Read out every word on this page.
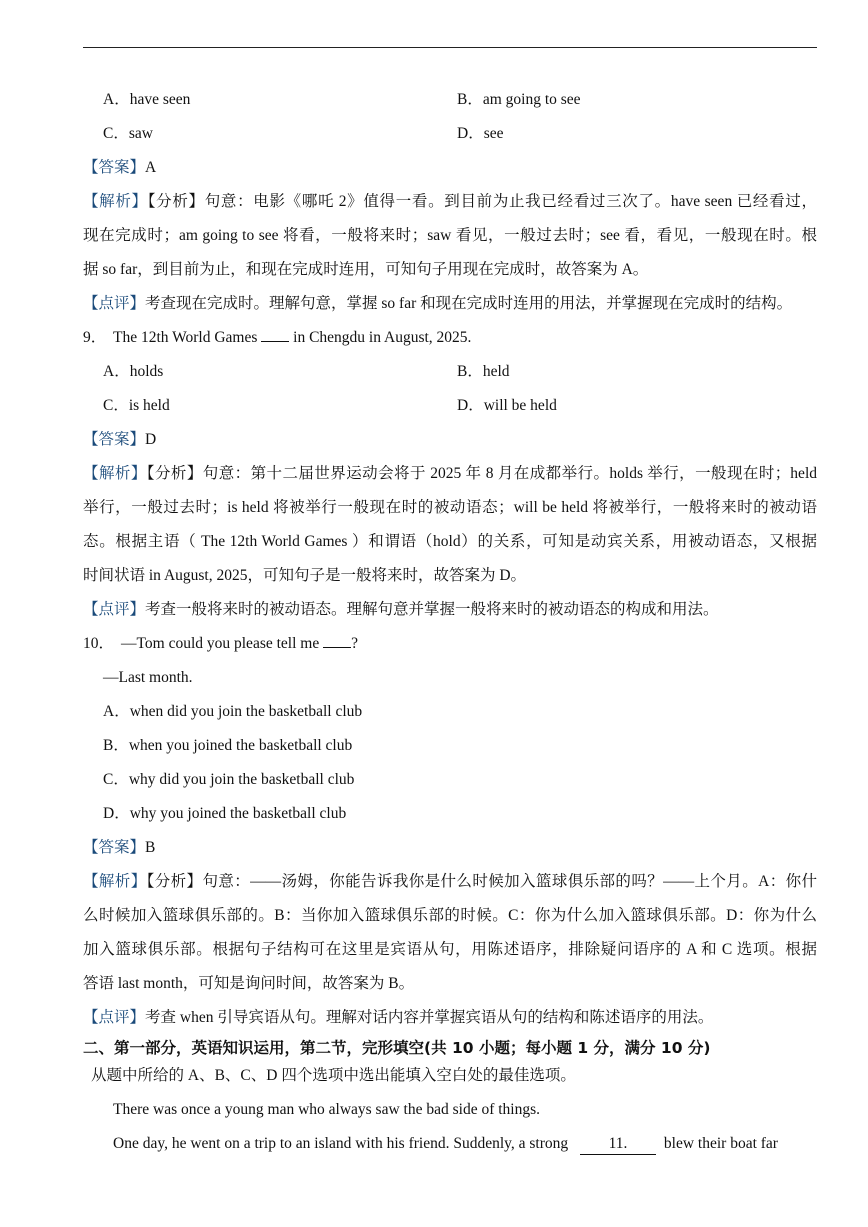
A．have seen	B．am going to see
C．saw	D．see
【答案】A
【解析】【分析】句意：电影《哪吒 2》值得一看。到目前为止我已经看过三次了。have seen 已经看过，
现在完成时；am going to see 将看，一般将来时；saw 看见，一般过去时；see 看，看见，一般现在时。根
据 so far，到目前为止，和现在完成时连用，可知句子用现在完成时，故答案为 A。
【点评】考查现在完成时。理解句意，掌握 so far 和现在完成时连用的用法，并掌握现在完成时的结构。
9． The 12th World Games  in Chengdu in August, 2025.
A．holds	B．held
C．is held	D．will be held
【答案】D
【解析】【分析】句意：第十二届世界运动会将于 2025 年 8 月在成都举行。holds 举行，一般现在时；held
举行，一般过去时；is held 将被举行一般现在时的被动语态；will be held 将被举行，一般将来时的被动语
态。根据主语（ The 12th World Games ）和谓语（hold）的关系，可知是动宾关系，用被动语态，又根据
时间状语 in August, 2025，可知句子是一般将来时，故答案为 D。
【点评】考查一般将来时的被动语态。理解句意并掌握一般将来时的被动语态的构成和用法。
10． —Tom could you please tell me ?
—Last month.
A．when did you join the basketball club
B．when you joined the basketball club
C．why did you join the basketball club
D．why you joined the basketball club
【答案】B
【解析】【分析】句意：——汤姆，你能告诉我你是什么时候加入篮球俱乐部的吗？——上个月。A：你什
么时候加入篮球俱乐部的。B：当你加入篮球俱乐部的时候。C：你为什么加入篮球俱乐部。D：你为什么
加入篮球俱乐部。根据句子结构可在这里是宾语从句，用陈述语序，排除疑问语序的 A 和 C 选项。根据
答语 last month，可知是询问时间，故答案为 B。
【点评】考查 when 引导宾语从句。理解对话内容并掌握宾语从句的结构和陈述语序的用法。
二、第一部分，英语知识运用，第二节，完形填空(共 10 小题；每小题 1 分，满分 10 分)
从题中所给的 A、B、C、D 四个选项中选出能填入空白处的最佳选项。
There was once a young man who always saw the bad side of things.
One day, he went on a trip to an island with his friend. Suddenly, a strong 11. blew their boat far
